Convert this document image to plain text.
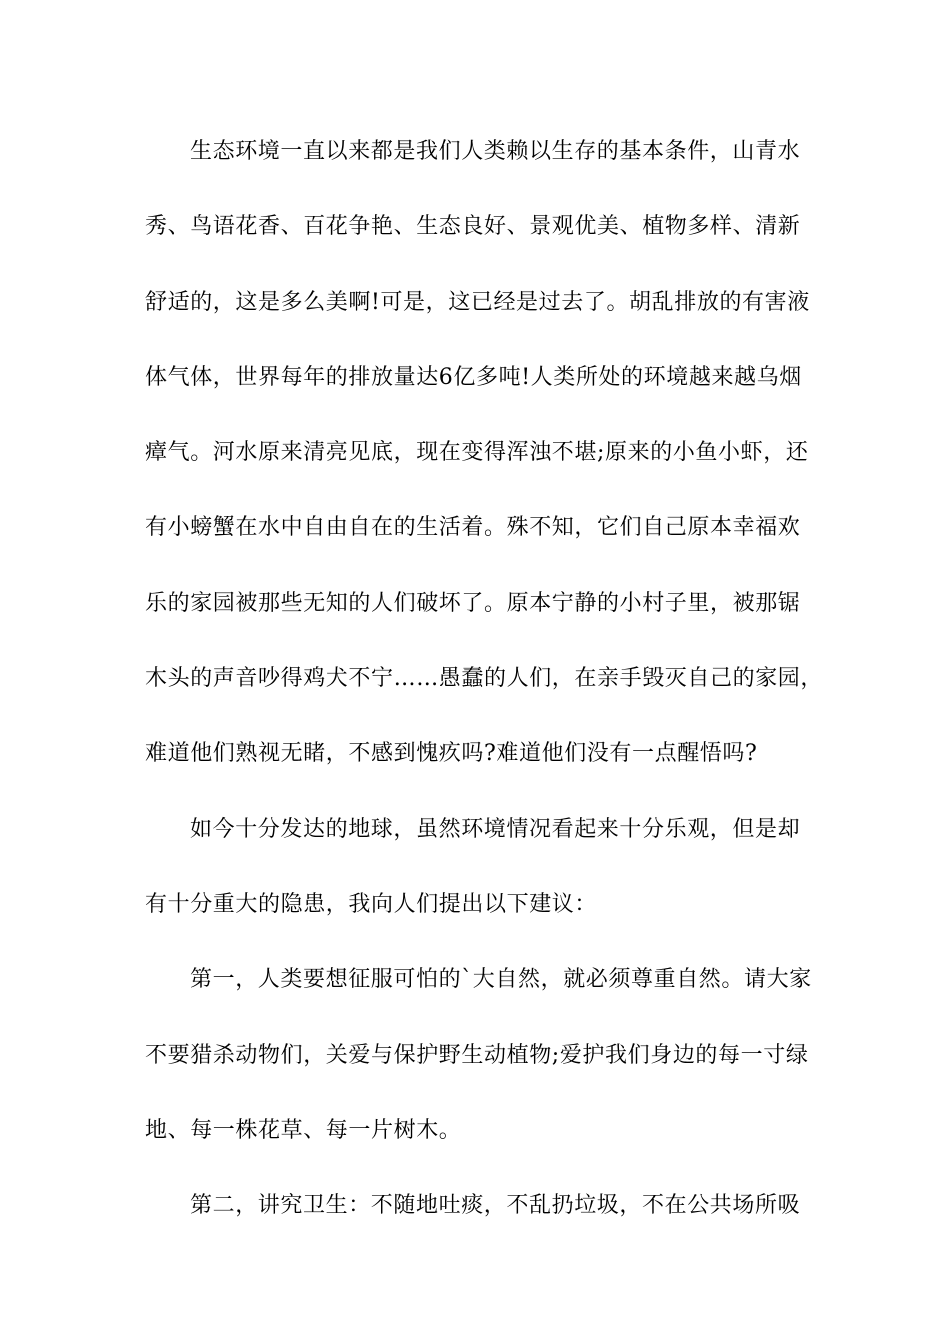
生态环境一直以来都是我们人类赖以生存的基本条件，山青水
秀、鸟语花香、百花争艳、生态良好、景观优美、植物多样、清新
舒适的，这是多么美啊!可是，这已经是过去了。胡乱排放的有害液
体气体，世界每年的排放量达6亿多吨!人类所处的环境越来越乌烟
瘴气。河水原来清亮见底，现在变得浑浊不堪;原来的小鱼小虾，还
有小螃蟹在水中自由自在的生活着。殊不知，它们自己原本幸福欢
乐的家园被那些无知的人们破坏了。原本宁静的小村子里，被那锯
木头的声音吵得鸡犬不宁……愚蠢的人们，在亲手毁灭自己的家园，
难道他们熟视无睹，不感到愧疚吗?难道他们没有一点醒悟吗?
如今十分发达的地球，虽然环境情况看起来十分乐观，但是却
有十分重大的隐患，我向人们提出以下建议：
第一，人类要想征服可怕的`大自然，就必须尊重自然。请大家
不要猎杀动物们，关爱与保护野生动植物;爱护我们身边的每一寸绿
地、每一株花草、每一片树木。
第二，讲究卫生：不随地吐痰，不乱扔垃圾，不在公共场所吸
